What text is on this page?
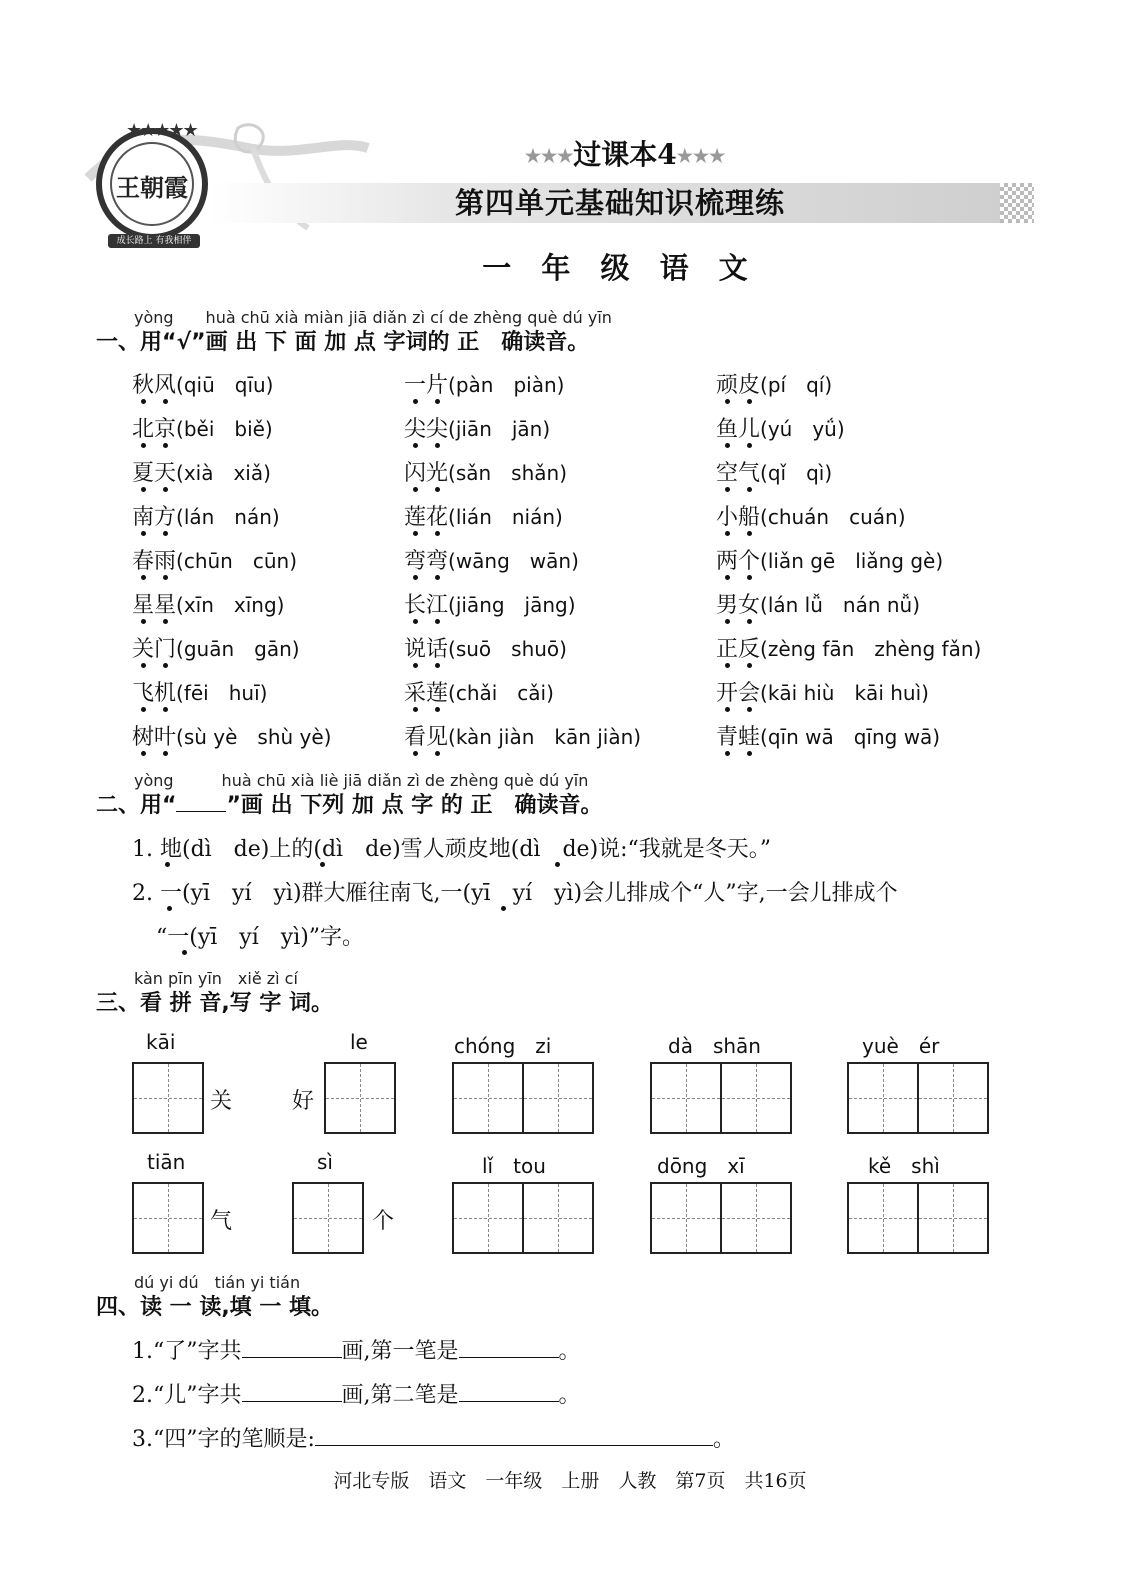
王朝霞
★★★★★
成长路上 有我相伴
★★★过课本4★★★
第四单元基础知识梳理练
一 年 级 语 文
yòng　　huà chū xià miàn jiā diǎn zì cí de zhèng què dú yīn
一、用“√”画 出 下 面 加 点 字词的 正　确读音。
秋风(qiū　qīu)	一片(pàn　piàn)	顽皮(pí　qí)
北京(běi　biě)	尖尖(jiān　jān)	鱼儿(yú　yǘ)
夏天(xià　xiǎ)	闪光(sǎn　shǎn)	空气(qǐ　qì)
南方(lán　nán)	莲花(lián　nián)	小船(chuán　cuán)
春雨(chūn　cūn)	弯弯(wāng　wān)	两个(liǎn gē　liǎng gè)
星星(xīn　xīng)	长江(jiāng　jāng)	男女(lán lǚ　nán nǚ)
关门(guān　gān)	说话(suō　shuō)	正反(zèng fān　zhèng fǎn)
飞机(fēi　huī)	采莲(chǎi　cǎi)	开会(kāi hiù　kāi huì)
树叶(sù yè　shù yè)	看见(kàn jiàn　kān jiàn)	青蛙(qīn wā　qīng wā)
yòng　　　huà chū xià liè jiā diǎn zì de zhèng què dú yīn
二、用“ ”画 出 下列 加 点 字 的 正　确读音。
1. 地(dì　de)上的(dì　de)雪人顽皮地(dì　de)说:“我就是冬天。”
2. 一(yī　yí　yì)群大雁往南飞,一(yī　yí　yì)会儿排成个“人”字,一会儿排成个
“一(yī　yí　yì)”字。
kàn pīn yīn　xiě zì cí
三、看 拼 音,写 字 词。
kāi
关
le
好
chóng　zi	dà　shān	yuè　ér
tiān
气
sì
个
lǐ　tou	dōng　xī	kě　shì
dú yi dú　tián yi tián
四、读 一 读,填 一 填。
1.“了”字共	画,第一笔是	。
2.“儿”字共	画,第二笔是	。
3.“四”字的笔顺是:	。
河北专版　语文　一年级　上册　人教　第7页　共16页
